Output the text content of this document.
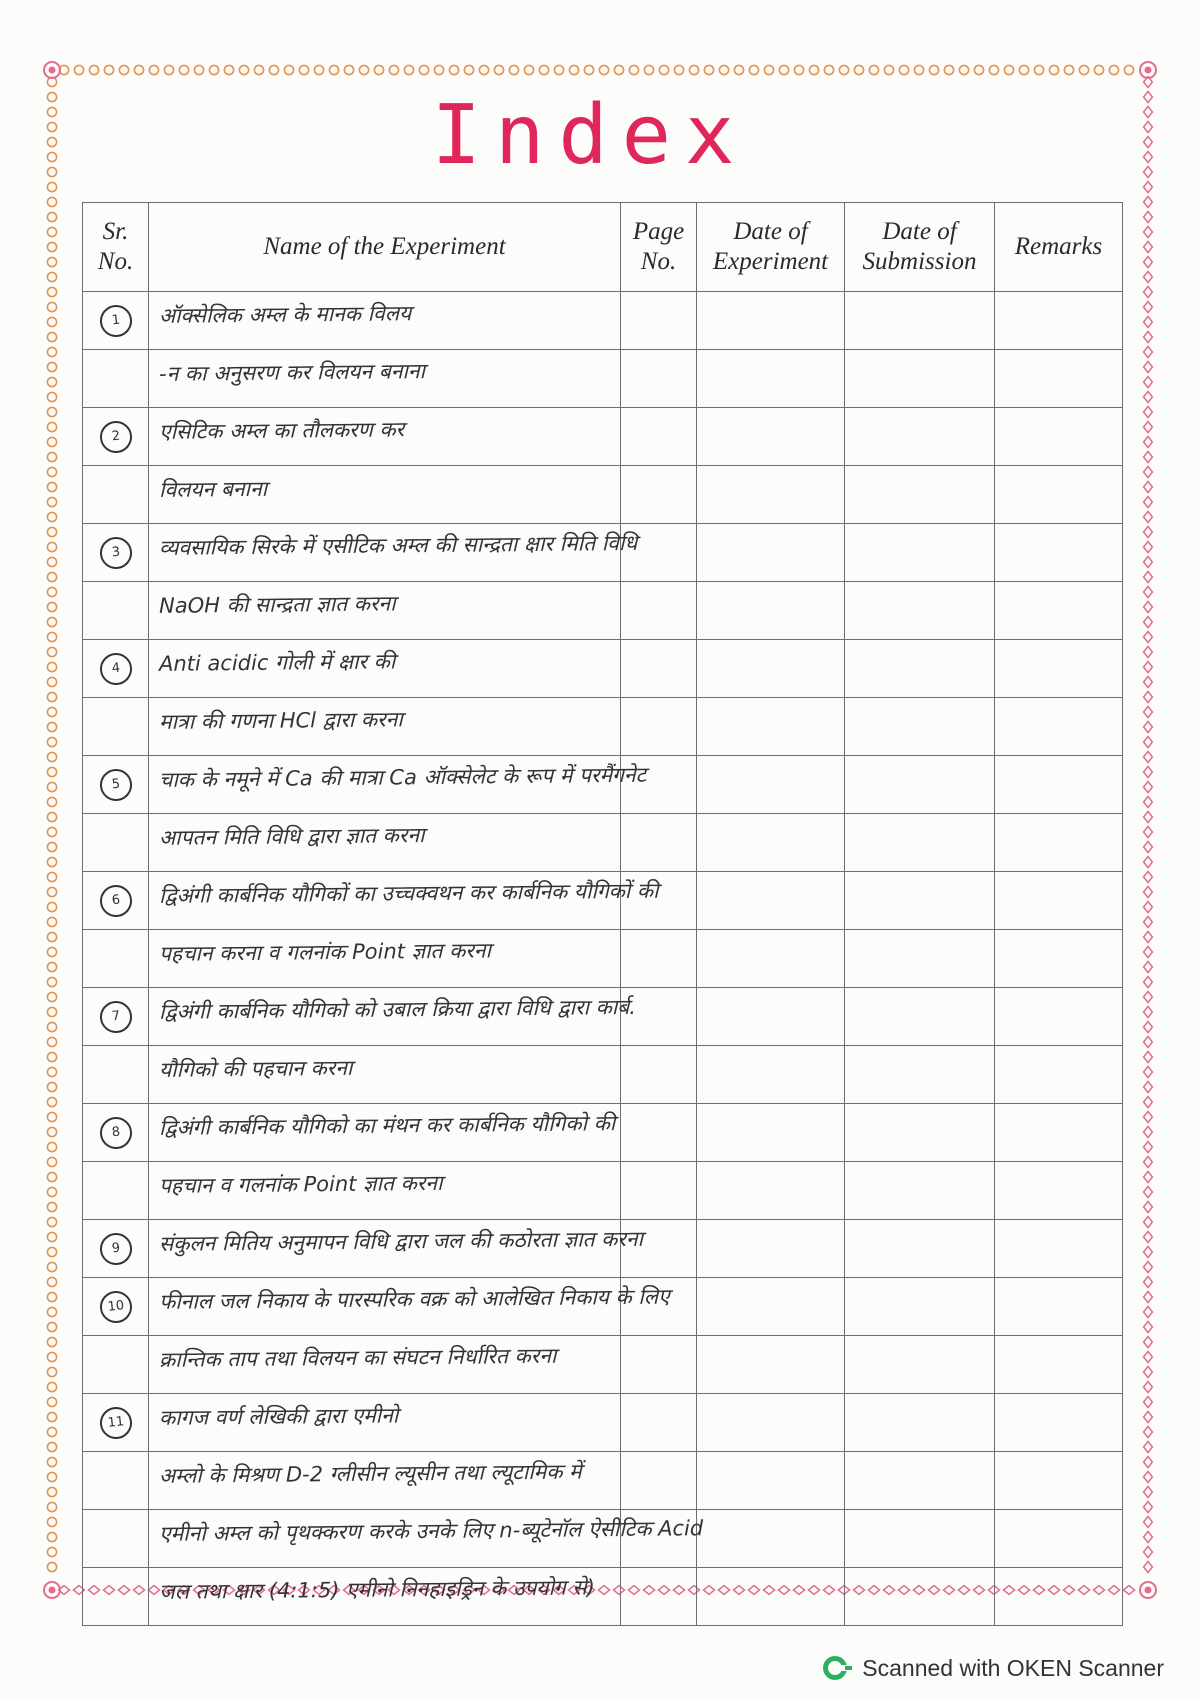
Index
Sr. No.	Name of the Experiment	Page No.	Date of Experiment	Date of Submission	Remarks
1	ऑक्सेलिक अम्ल के मानक विलय				

	-न का अनुसरण कर विलयन बनाना				

2	एसिटिक अम्ल का तौलकरण कर				

	विलयन बनाना				

3	व्यवसायिक सिरके में एसीटिक अम्ल की सान्द्रता क्षार मिति विधि				

	NaOH की सान्द्रता ज्ञात करना				

4	Anti acidic गोली में क्षार की				

	मात्रा की गणना HCl द्वारा करना				

5	चाक के नमूने में Ca की मात्रा Ca ऑक्सेलेट के रूप में परमैंगनेट				

	आपतन मिति विधि द्वारा ज्ञात करना				

6	द्विअंगी कार्बनिक यौगिकों का उच्चक्वथन कर कार्बनिक यौगिकों की				

	पहचान करना व गलनांक Point ज्ञात करना				

7	द्विअंगी कार्बनिक यौगिको को उबाल क्रिया द्वारा विधि द्वारा कार्ब.				

	यौगिको की पहचान करना				

8	द्विअंगी कार्बनिक यौगिको का मंथन कर कार्बनिक यौगिको की				

	पहचान व गलनांक Point ज्ञात करना				

9	संकुलन मितिय अनुमापन विधि द्वारा जल की कठोरता ज्ञात करना				

10	फीनाल जल निकाय के पारस्परिक वक्र को आलेखित निकाय के लिए				

	क्रान्तिक ताप तथा विलयन का संघटन निर्धारित करना				

11	कागज वर्ण लेखिकी द्वारा एमीनो				

	अम्लो के मिश्रण D-2 ग्लीसीन ल्यूसीन तथा ल्यूटामिक में				

	एमीनो अम्ल को पृथक्करण करके उनके लिए n-ब्यूटेनॉल ऐसीटिक Acid				

	जल तथा क्षार (4:1:5) एमीनो निनहाइड्रिन के उपयोग से)				

Scanned with OKEN Scanner
